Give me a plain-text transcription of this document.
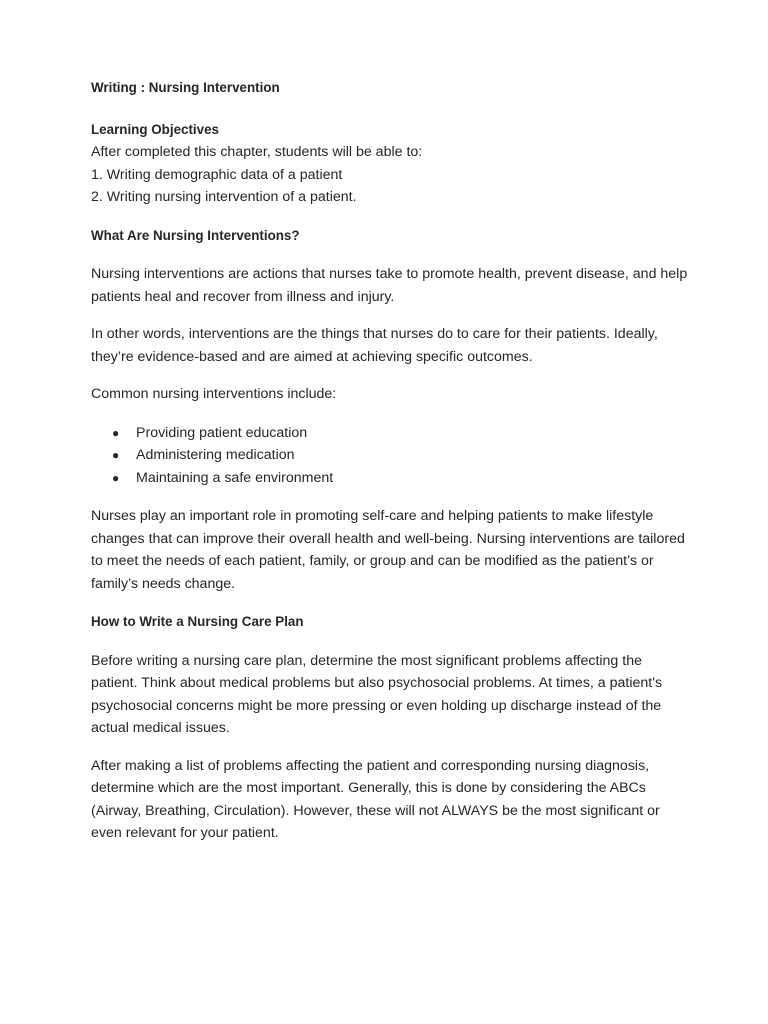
Writing : Nursing Intervention

Learning Objectives

After completed this chapter, students will be able to:

1. Writing demographic data of a patient

2. Writing nursing intervention of a patient.

What Are Nursing Interventions?

Nursing interventions are actions that nurses take to promote health, prevent disease, and help patients heal and recover from illness and injury.

In other words, interventions are the things that nurses do to care for their patients. Ideally, they’re evidence-based and are aimed at achieving specific outcomes.

Common nursing interventions include:

● Providing patient education
● Administering medication
● Maintaining a safe environment

Nurses play an important role in promoting self-care and helping patients to make lifestyle changes that can improve their overall health and well-being. Nursing interventions are tailored to meet the needs of each patient, family, or group and can be modified as the patient’s or family’s needs change.

How to Write a Nursing Care Plan

Before writing a nursing care plan, determine the most significant problems affecting the patient. Think about medical problems but also psychosocial problems. At times, a patient's psychosocial concerns might be more pressing or even holding up discharge instead of the actual medical issues.

After making a list of problems affecting the patient and corresponding nursing diagnosis, determine which are the most important. Generally, this is done by considering the ABCs (Airway, Breathing, Circulation). However, these will not ALWAYS be the most significant or even relevant for your patient.
